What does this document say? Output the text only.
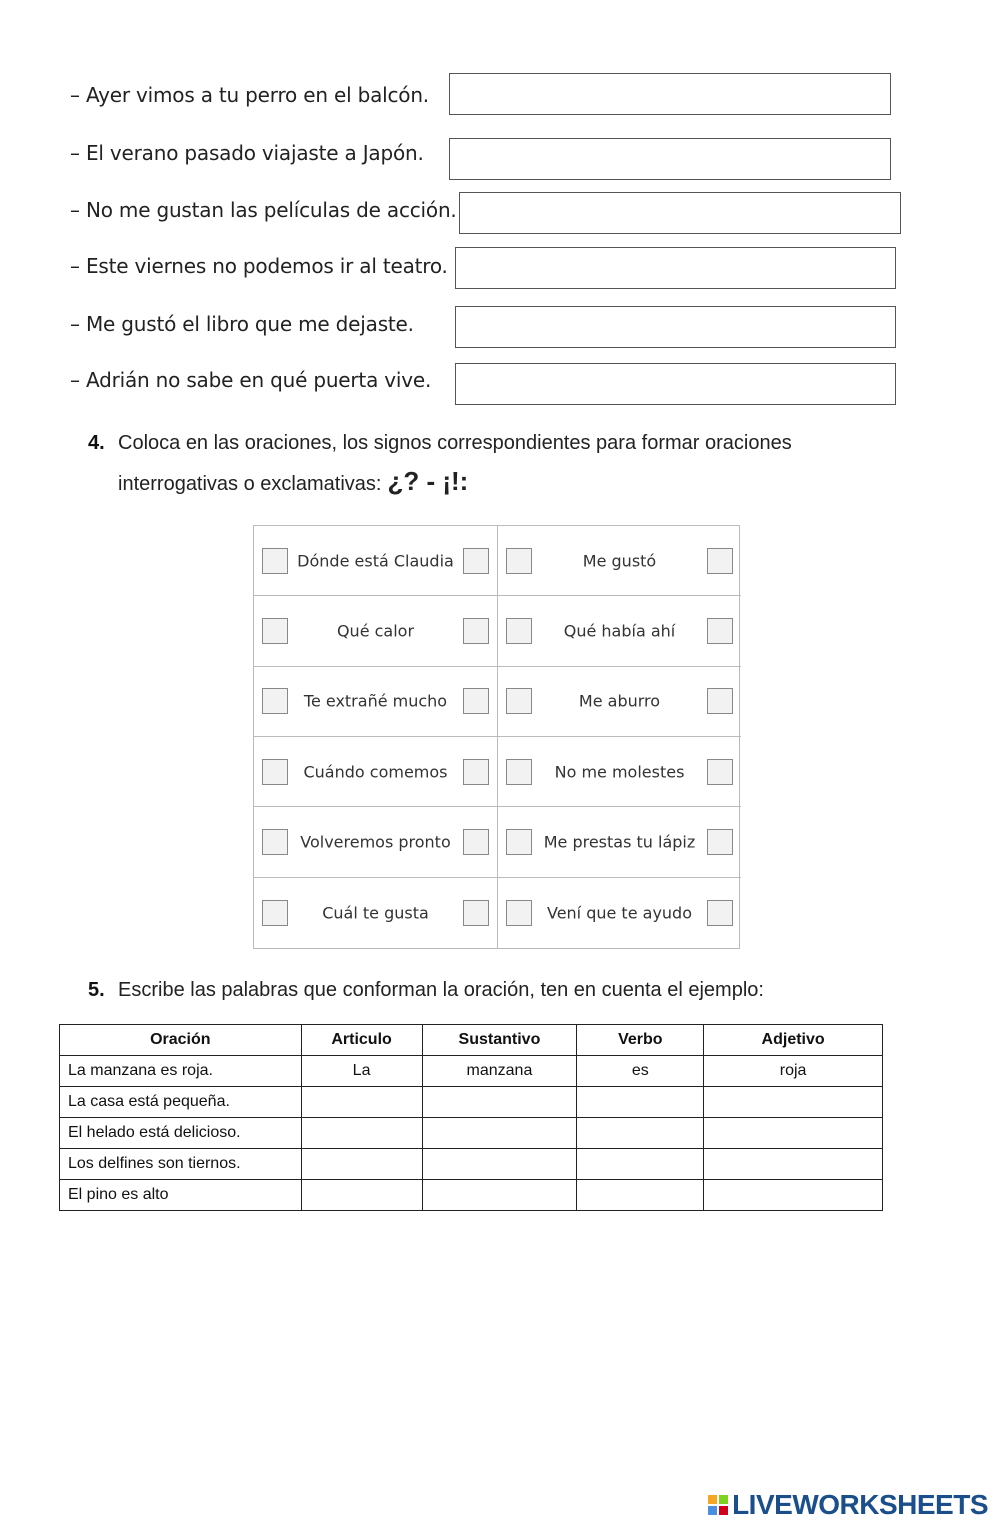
– Ayer vimos a tu perro en el balcón.
– El verano pasado viajaste a Japón.
– No me gustan las películas de acción.
– Este viernes no podemos ir al teatro.
– Me gustó el libro que me dejaste.
– Adrián no sabe en qué puerta vive.
4. Coloca en las oraciones, los signos correspondientes para formar oraciones
interrogativas o exclamativas: ¿? - ¡!:
Dónde está Claudia	Me gustó
Qué calor	Qué había ahí
Te extrañé mucho	Me aburro
Cuándo comemos	No me molestes
Volveremos pronto	Me prestas tu lápiz
Cuál te gusta	Vení que te ayudo
5. Escribe las palabras que conforman la oración, ten en cuenta el ejemplo:
Oración	Articulo	Sustantivo	Verbo	Adjetivo
La manzana es roja.	La	manzana	es	roja
La casa está pequeña.				
El helado está delicioso.				
Los delfines son tiernos.				
El pino es alto				
LIVEWORKSHEETS
